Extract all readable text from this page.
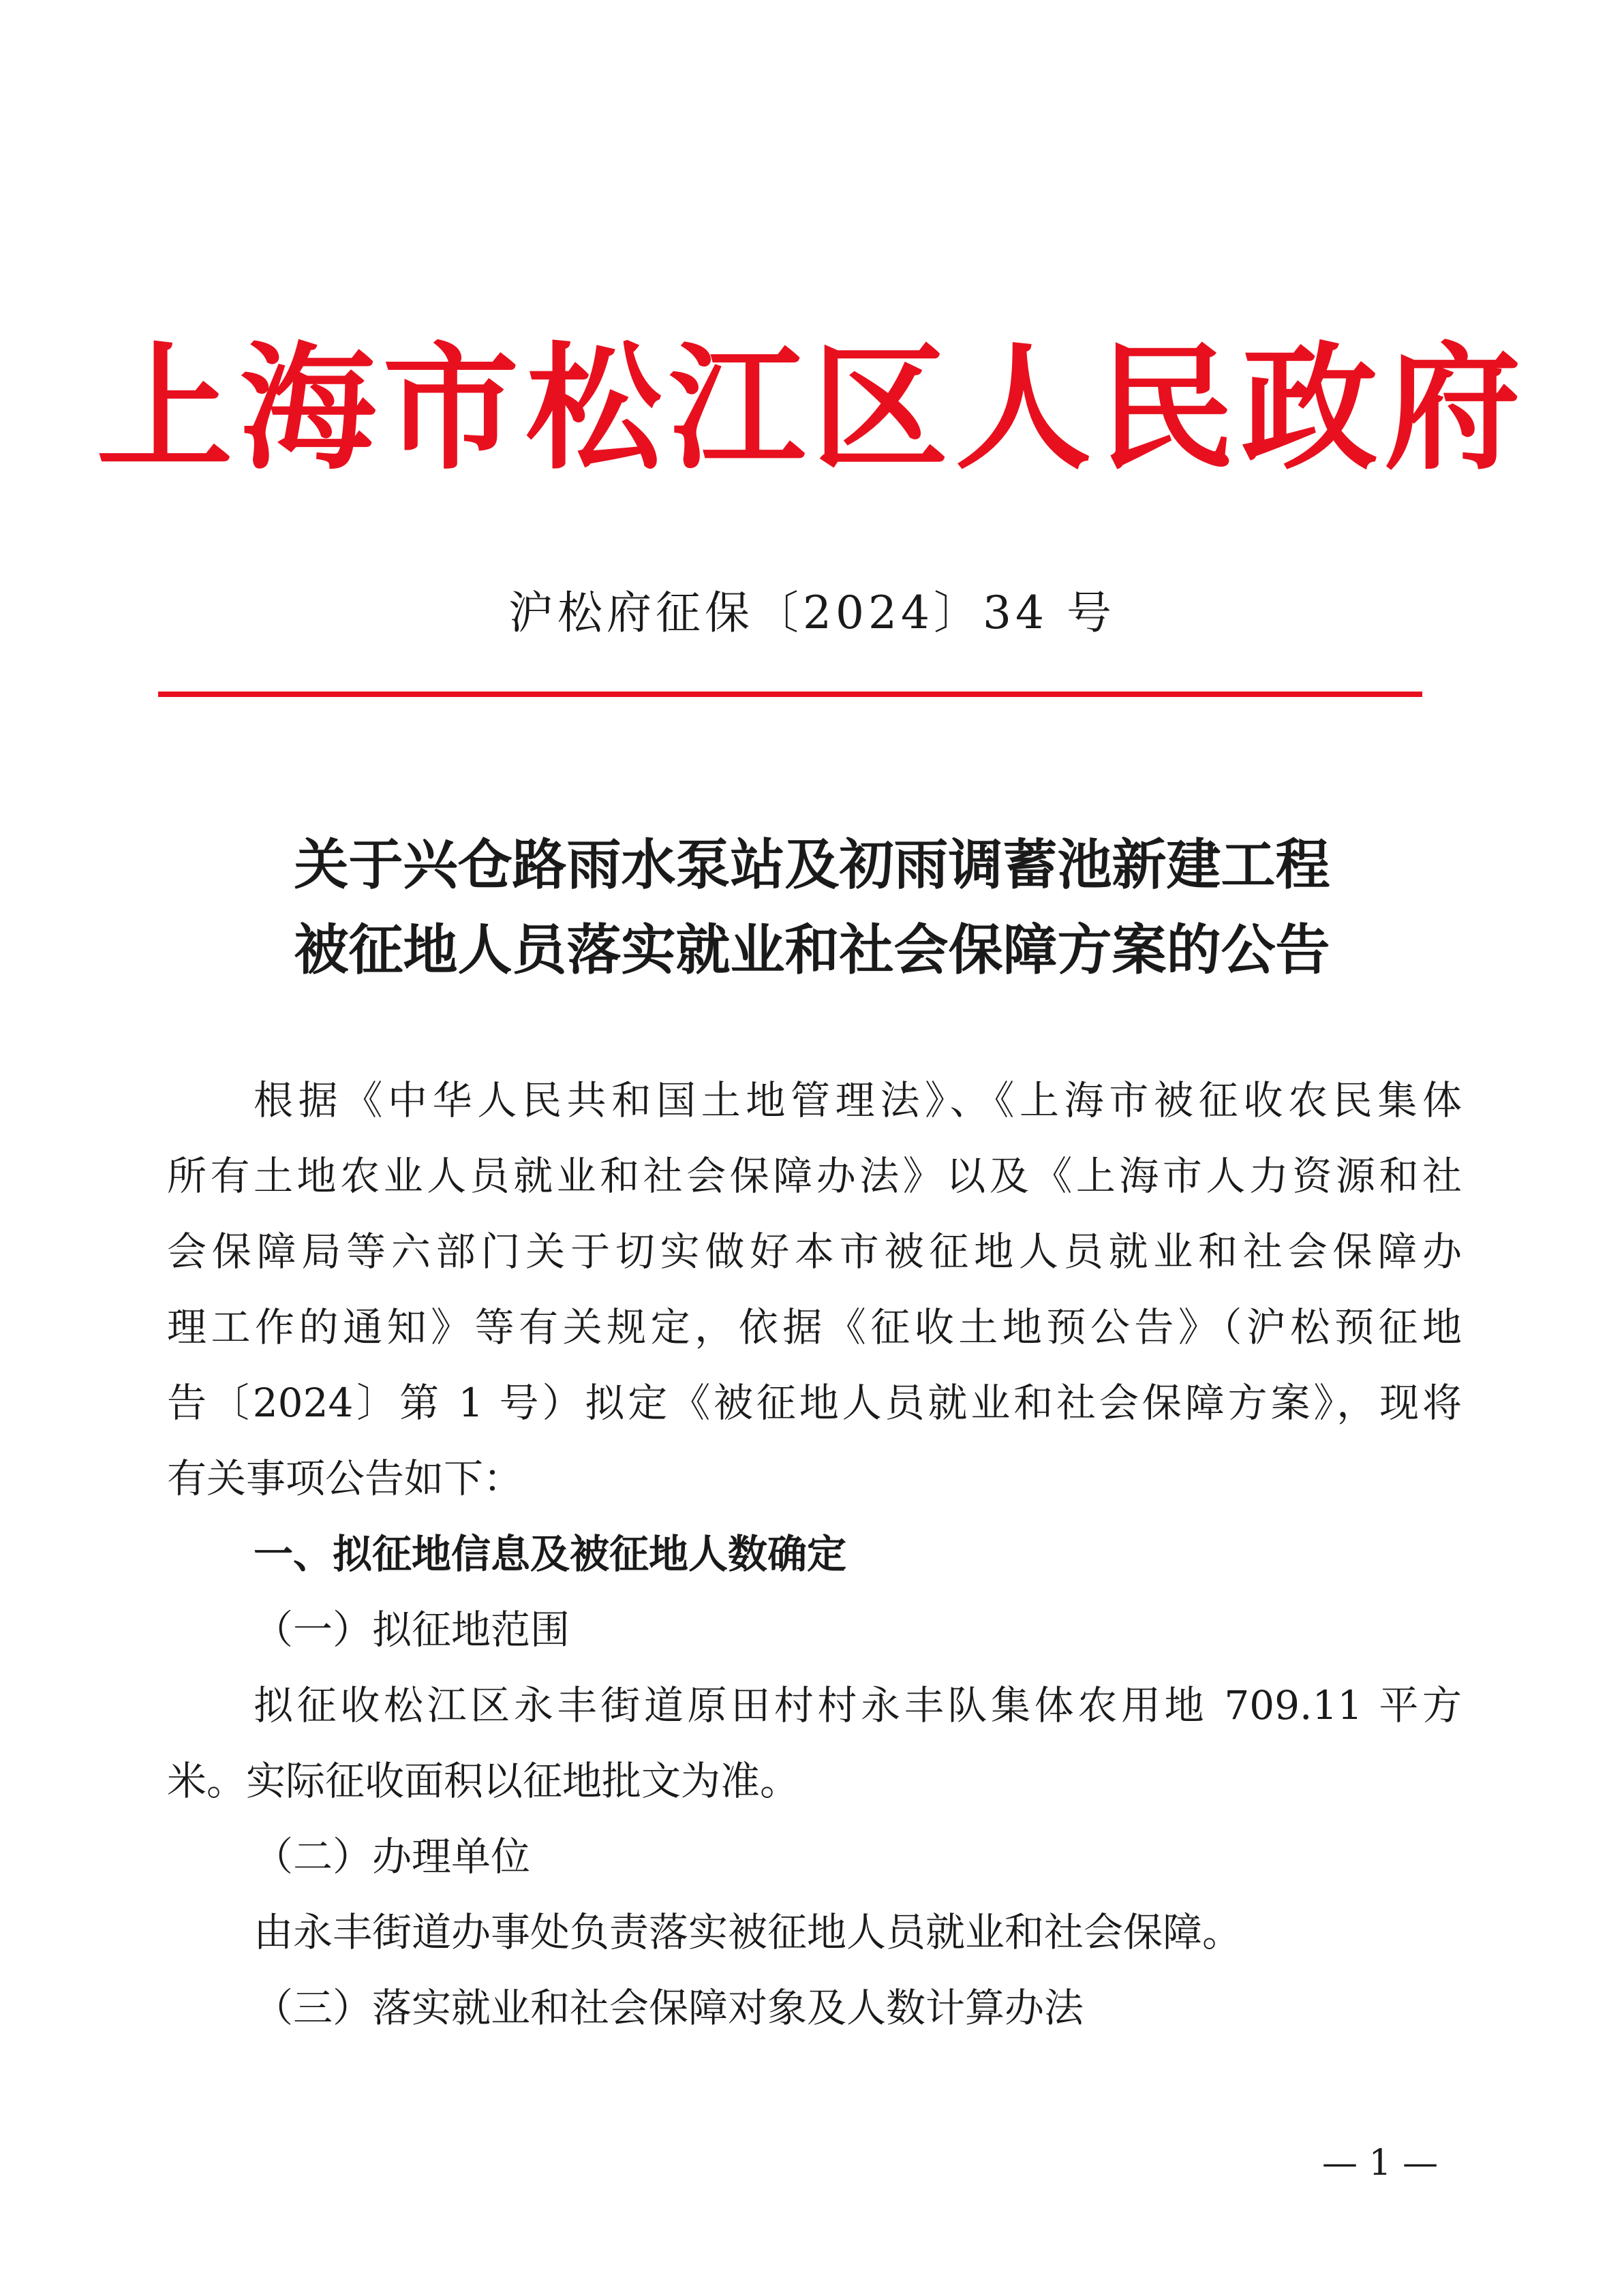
上海市松江区人民政府
沪松府征保〔2024〕34 号
关于兴仓路雨水泵站及初雨调蓄池新建工程
被征地人员落实就业和社会保障方案的公告
根据《中华人民共和国土地管理法》、《上海市被征收农民集体
所有土地农业人员就业和社会保障办法》以及《上海市人力资源和社
会保障局等六部门关于切实做好本市被征地人员就业和社会保障办
理工作的通知》等有关规定，依据《征收土地预公告》（沪松预征地
告〔2024〕第 1 号）拟定《被征地人员就业和社会保障方案》，现将
有关事项公告如下：
一、拟征地信息及被征地人数确定
（一）拟征地范围
拟征收松江区永丰街道原田村村永丰队集体农用地 709.11 平方
米。实际征收面积以征地批文为准。
（二）办理单位
由永丰街道办事处负责落实被征地人员就业和社会保障。
（三）落实就业和社会保障对象及人数计算办法
— 1 —
